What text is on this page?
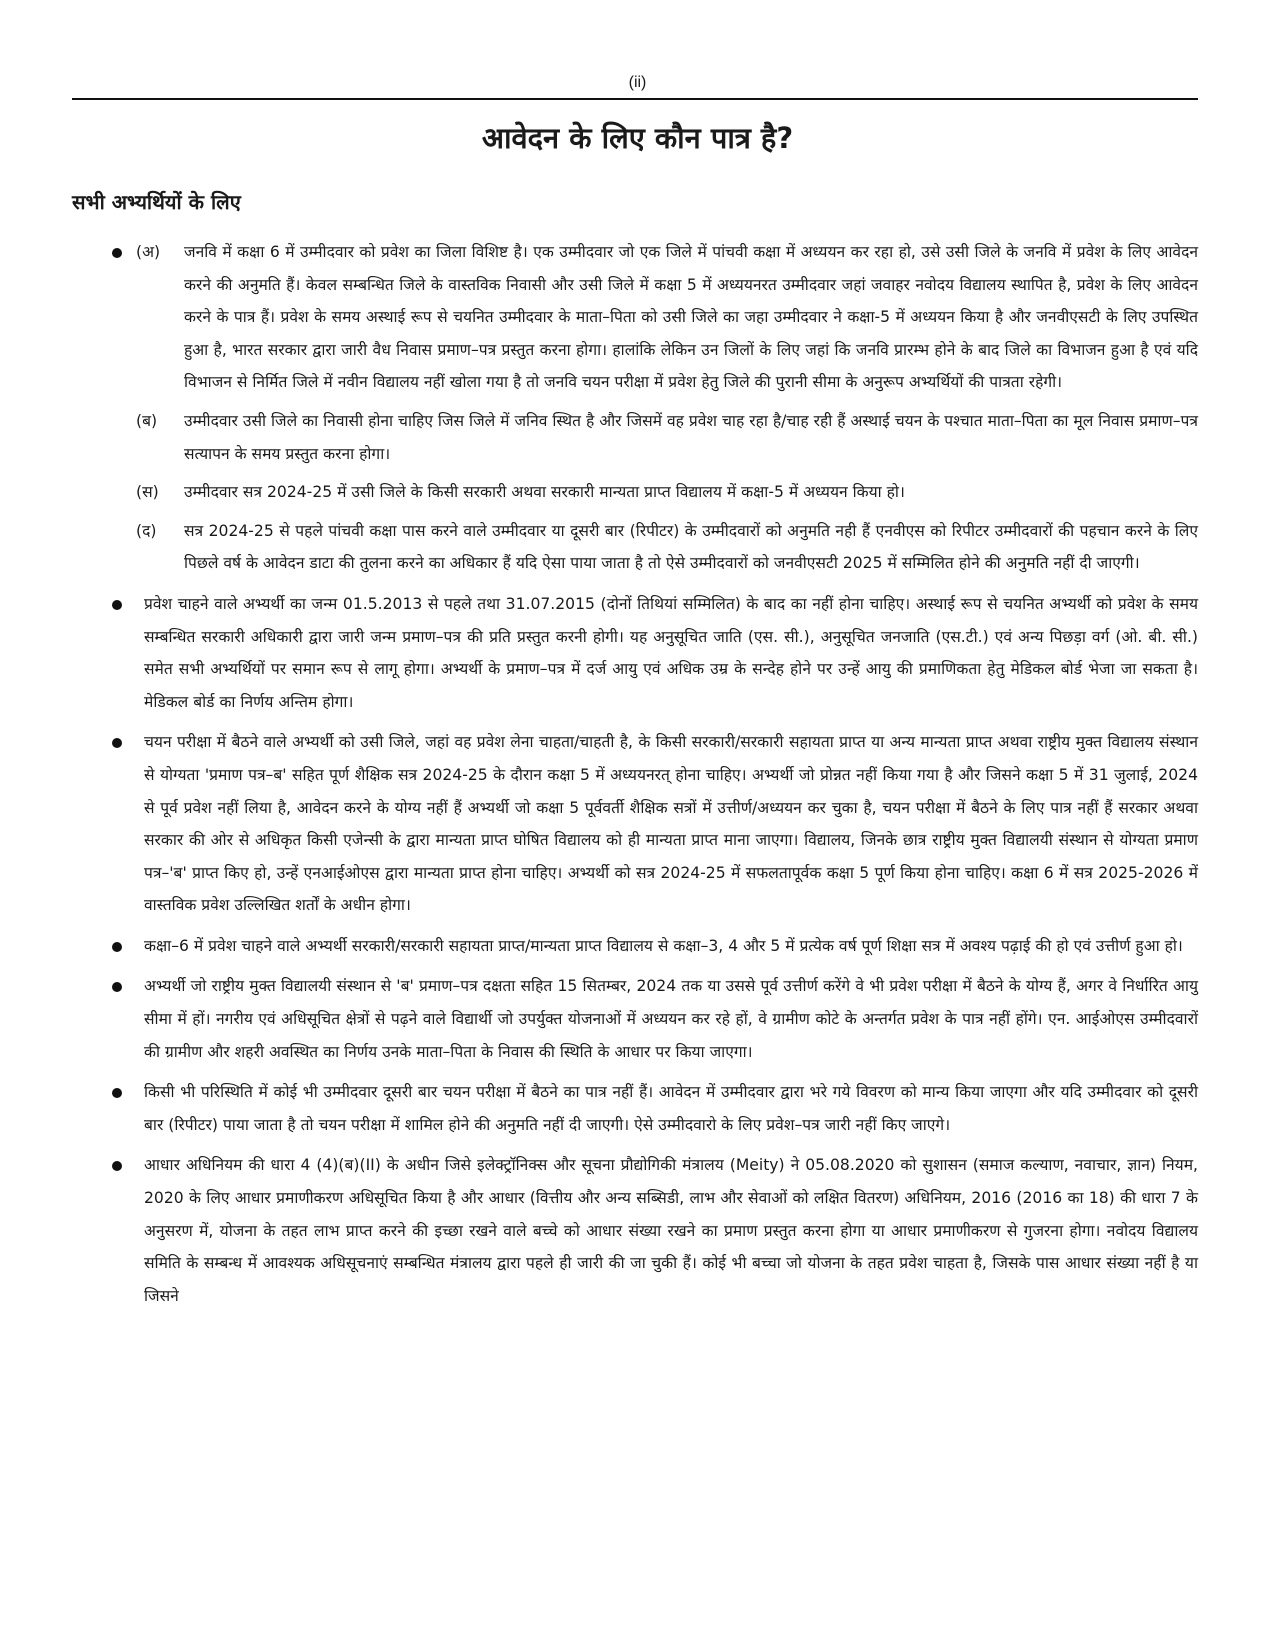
(ii)
आवेदन के लिए कौन पात्र है?
सभी अभ्यर्थियों के लिए
(अ) जनवि में कक्षा 6 में उम्मीदवार को प्रवेश का जिला विशिष्ट है। एक उम्मीदवार जो एक जिले में पांचवी कक्षा में अध्ययन कर रहा हो, उसे उसी जिले के जनवि में प्रवेश के लिए आवेदन करने की अनुमति हैं। केवल सम्बन्धित जिले के वास्तविक निवासी और उसी जिले में कक्षा 5 में अध्ययनरत उम्मीदवार जहां जवाहर नवोदय विद्यालय स्थापित है, प्रवेश के लिए आवेदन करने के पात्र हैं। प्रवेश के समय अस्थाई रूप से चयनित उम्मीदवार के माता–पिता को उसी जिले का जहा उम्मीदवार ने कक्षा-5 में अध्ययन किया है और जनवीएसटी के लिए उपस्थित हुआ है, भारत सरकार द्वारा जारी वैध निवास प्रमाण–पत्र प्रस्तुत करना होगा। हालांकि लेकिन उन जिलों के लिए जहां कि जनवि प्रारम्भ होने के बाद जिले का विभाजन हुआ है एवं यदि विभाजन से निर्मित जिले में नवीन विद्यालय नहीं खोला गया है तो जनवि चयन परीक्षा में प्रवेश हेतु जिले की पुरानी सीमा के अनुरूप अभ्यर्थियों की पात्रता रहेगी।
(ब) उम्मीदवार उसी जिले का निवासी होना चाहिए जिस जिले में जनिव स्थित है और जिसमें वह प्रवेश चाह रहा है/चाह रही हैं अस्थाई चयन के पश्चात माता–पिता का मूल निवास प्रमाण–पत्र सत्यापन के समय प्रस्तुत करना होगा।
(स) उम्मीदवार सत्र 2024-25 में उसी जिले के किसी सरकारी अथवा सरकारी मान्यता प्राप्त विद्यालय में कक्षा-5 में अध्ययन किया हो।
(द) सत्र 2024-25 से पहले पांचवी कक्षा पास करने वाले उम्मीदवार या दूसरी बार (रिपीटर) के उम्मीदवारों को अनुमति नही हैं एनवीएस को रिपीटर उम्मीदवारों की पहचान करने के लिए पिछले वर्ष के आवेदन डाटा की तुलना करने का अधिकार हैं यदि ऐसा पाया जाता है तो ऐसे उम्मीदवारों को जनवीएसटी 2025 में सम्मिलित होने की अनुमति नहीं दी जाएगी।
प्रवेश चाहने वाले अभ्यर्थी का जन्म 01.5.2013 से पहले तथा 31.07.2015 (दोनों तिथियां सम्मिलित) के बाद का नहीं होना चाहिए। अस्थाई रूप से चयनित अभ्यर्थी को प्रवेश के समय सम्बन्धित सरकारी अधिकारी द्वारा जारी जन्म प्रमाण–पत्र की प्रति प्रस्तुत करनी होगी। यह अनुसूचित जाति (एस. सी.), अनुसूचित जनजाति (एस.टी.) एवं अन्य पिछड़ा वर्ग (ओ. बी. सी.) समेत सभी अभ्यर्थियों पर समान रूप से लागू होगा। अभ्यर्थी के प्रमाण–पत्र में दर्ज आयु एवं अधिक उम्र के सन्देह होने पर उन्हें आयु की प्रमाणिकता हेतु मेडिकल बोर्ड भेजा जा सकता है। मेडिकल बोर्ड का निर्णय अन्तिम होगा।
चयन परीक्षा में बैठने वाले अभ्यर्थी को उसी जिले, जहां वह प्रवेश लेना चाहता/चाहती है, के किसी सरकारी/सरकारी सहायता प्राप्त या अन्य मान्यता प्राप्त अथवा राष्ट्रीय मुक्त विद्यालय संस्थान से योग्यता 'प्रमाण पत्र–ब' सहित पूर्ण शैक्षिक सत्र 2024-25 के दौरान कक्षा 5 में अध्ययनरत् होना चाहिए। अभ्यर्थी जो प्रोन्नत नहीं किया गया है और जिसने कक्षा 5 में 31 जुलाई, 2024 से पूर्व प्रवेश नहीं लिया है, आवेदन करने के योग्य नहीं हैं अभ्यर्थी जो कक्षा 5 पूर्ववर्ती शैक्षिक सत्रों में उत्तीर्ण/अध्ययन कर चुका है, चयन परीक्षा में बैठने के लिए पात्र नहीं हैं सरकार अथवा सरकार की ओर से अधिकृत किसी एजेन्सी के द्वारा मान्यता प्राप्त घोषित विद्यालय को ही मान्यता प्राप्त माना जाएगा। विद्यालय, जिनके छात्र राष्ट्रीय मुक्त विद्यालयी संस्थान से योग्यता प्रमाण पत्र–'ब' प्राप्त किए हो, उन्हें एनआईओएस द्वारा मान्यता प्राप्त होना चाहिए। अभ्यर्थी को सत्र 2024-25 में सफलतापूर्वक कक्षा 5 पूर्ण किया होना चाहिए। कक्षा 6 में सत्र 2025-2026 में वास्तविक प्रवेश उल्लिखित शर्तों के अधीन होगा।
कक्षा–6 में प्रवेश चाहने वाले अभ्यर्थी सरकारी/सरकारी सहायता प्राप्त/मान्यता प्राप्त विद्यालय से कक्षा–3, 4 और 5 में प्रत्येक वर्ष पूर्ण शिक्षा सत्र में अवश्य पढ़ाई की हो एवं उत्तीर्ण हुआ हो।
अभ्यर्थी जो राष्ट्रीय मुक्त विद्यालयी संस्थान से 'ब' प्रमाण–पत्र दक्षता सहित 15 सितम्बर, 2024 तक या उससे पूर्व उत्तीर्ण करेंगे वे भी प्रवेश परीक्षा में बैठने के योग्य हैं, अगर वे निर्धारित आयु सीमा में हों। नगरीय एवं अधिसूचित क्षेत्रों से पढ़ने वाले विद्यार्थी जो उपर्युक्त योजनाओं में अध्ययन कर रहे हों, वे ग्रामीण कोटे के अन्तर्गत प्रवेश के पात्र नहीं होंगे। एन. आईओएस उम्मीदवारों की ग्रामीण और शहरी अवस्थित का निर्णय उनके माता–पिता के निवास की स्थिति के आधार पर किया जाएगा।
किसी भी परिस्थिति में कोई भी उम्मीदवार दूसरी बार चयन परीक्षा में बैठने का पात्र नहीं हैं। आवेदन में उम्मीदवार द्वारा भरे गये विवरण को मान्य किया जाएगा और यदि उम्मीदवार को दूसरी बार (रिपीटर) पाया जाता है तो चयन परीक्षा में शामिल होने की अनुमति नहीं दी जाएगी। ऐसे उम्मीदवारो के लिए प्रवेश–पत्र जारी नहीं किए जाएगे।
आधार अधिनियम की धारा 4 (4)(ब)(II) के अधीन जिसे इलेक्ट्रॉनिक्स और सूचना प्रौद्योगिकी मंत्रालय (Meity) ने 05.08.2020 को सुशासन (समाज कल्याण, नवाचार, ज्ञान) नियम, 2020 के लिए आधार प्रमाणीकरण अधिसूचित किया है और आधार (वित्तीय और अन्य सब्सिडी, लाभ और सेवाओं को लक्षित वितरण) अधिनियम, 2016 (2016 का 18) की धारा 7 के अनुसरण में, योजना के तहत लाभ प्राप्त करने की इच्छा रखने वाले बच्चे को आधार संख्या रखने का प्रमाण प्रस्तुत करना होगा या आधार प्रमाणीकरण से गुजरना होगा। नवोदय विद्यालय समिति के सम्बन्ध में आवश्यक अधिसूचनाएं सम्बन्धित मंत्रालय द्वारा पहले ही जारी की जा चुकी हैं। कोई भी बच्चा जो योजना के तहत प्रवेश चाहता है, जिसके पास आधार संख्या नहीं है या जिसने
